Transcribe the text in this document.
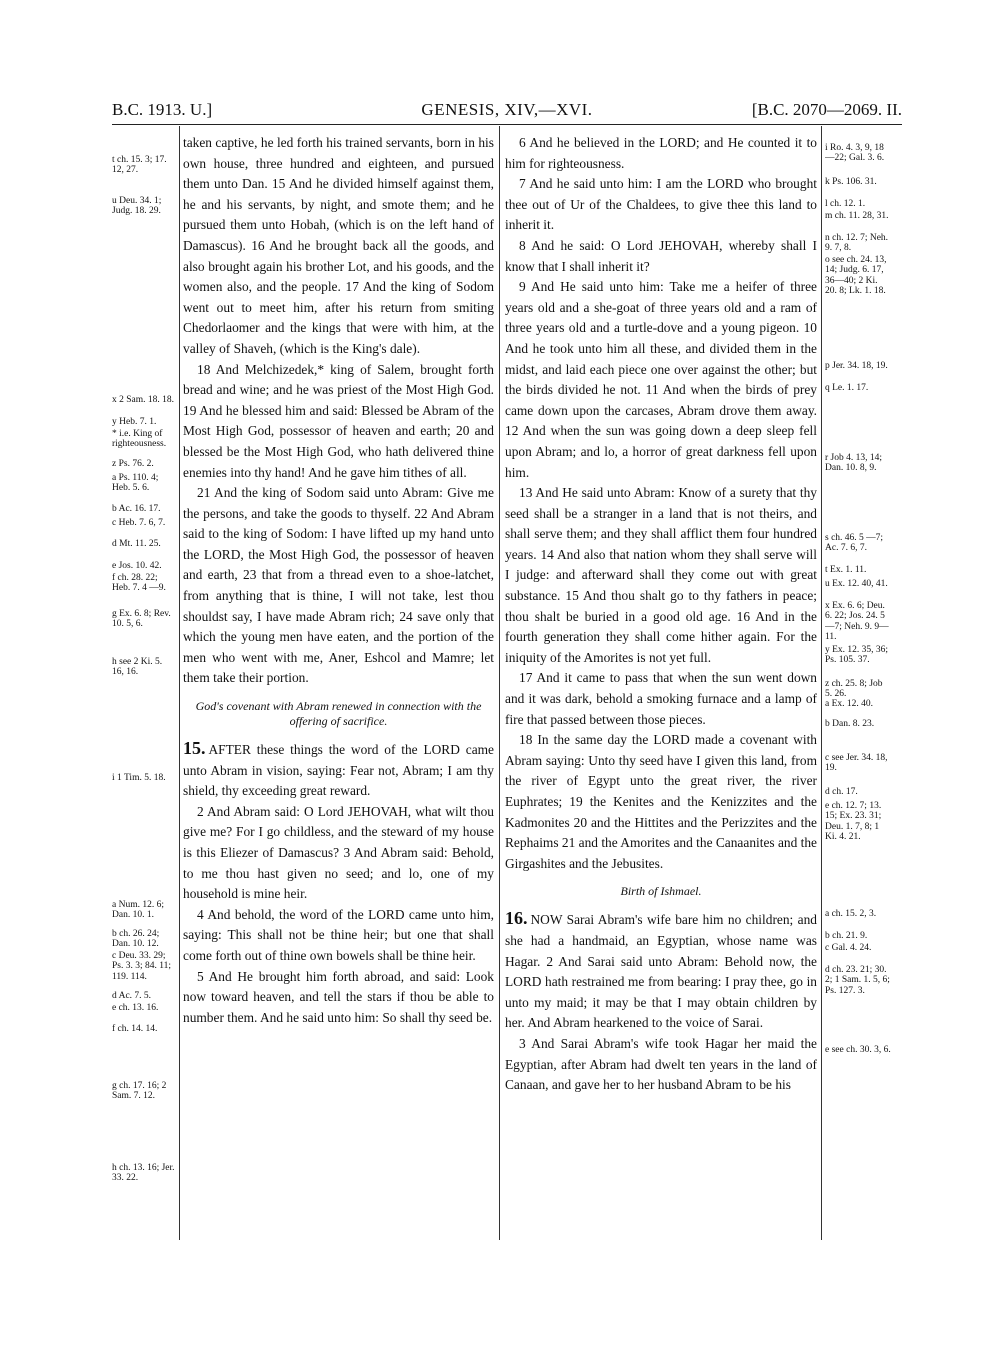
B.C. 1913. U.]	GENESIS, XIV,—XVI.	[B.C. 2070—2069. II.
t ch. 15. 3; 17. 12, 27.
u Deu. 34. 1; Judg. 18. 29.
x 2 Sam. 18. 18.
y Heb. 7. 1.
* i.e. King of righteousness.
z Ps. 76. 2.
a Ps. 110. 4; Heb. 5. 6.
b Ac. 16. 17.
c Heb. 7. 6, 7.
d Mt. 11. 25.
e Jos. 10. 42.
f ch. 28. 22; Heb. 7. 4 —9.
g Ex. 6. 8; Rev. 10. 5, 6.
h see 2 Ki. 5. 16, 16.
i 1 Tim. 5. 18.
a Num. 12. 6; Dan. 10. 1.
b ch. 26. 24; Dan. 10. 12.
c Deu. 33. 29; Ps. 3. 3; 84. 11; 119. 114.
d Ac. 7. 5.
e ch. 13. 16.
f ch. 14. 14.
g ch. 17. 16; 2 Sam. 7. 12.
h ch. 13. 16; Jer. 33. 22.

taken captive, he led forth his trained servants, born in his own house, three hundred and eighteen, and pursued them unto Dan. 15 And he divided himself against them, he and his servants, by night, and smote them; and he pursued them unto Hobah, (which is on the left hand of Damascus). 16 And he brought back all the goods, and also brought again his brother Lot, and his goods, and the women also, and the people. 17 And the king of Sodom went out to meet him, after his return from smiting Chedorlaomer and the kings that were with him, at the valley of Shaveh, (which is the King's dale).

18 And Melchizedek,* king of Salem, brought forth bread and wine; and he was priest of the Most High God. 19 And he blessed him and said: Blessed be Abram of the Most High God, possessor of heaven and earth; 20 and blessed be the Most High God, who hath delivered thine enemies into thy hand! And he gave him tithes of all.

21 And the king of Sodom said unto Abram: Give me the persons, and take the goods to thyself. 22 And Abram said to the king of Sodom: I have lifted up my hand unto the LORD, the Most High God, the possessor of heaven and earth, 23 that from a thread even to a shoe-latchet, from anything that is thine, I will not take, lest thou shouldst say, I have made Abram rich; 24 save only that which the young men have eaten, and the portion of the men who went with me, Aner, Eshcol and Mamre; let them take their portion.

God's covenant with Abram renewed in connection with the offering of sacrifice.

15. AFTER these things the word of the LORD came unto Abram in vision, saying: Fear not, Abram; I am thy shield, thy exceeding great reward.

2 And Abram said: O Lord JEHOVAH, what wilt thou give me? For I go childless, and the steward of my house is this Eliezer of Damascus? 3 And Abram said: Behold, to me thou hast given no seed; and lo, one of my household is mine heir.

4 And behold, the word of the LORD came unto him, saying: This shall not be thine heir; but one that shall come forth out of thine own bowels shall be thine heir.

5 And He brought him forth abroad, and said: Look now toward heaven, and tell the stars if thou be able to number them. And he said unto him: So shall thy seed be.

6 And he believed in the LORD; and He counted it to him for righteousness.

7 And he said unto him: I am the LORD who brought thee out of Ur of the Chaldees, to give thee this land to inherit it.

8 And he said: O Lord JEHOVAH, whereby shall I know that I shall inherit it?

9 And He said unto him: Take me a heifer of three years old and a she-goat of three years old and a ram of three years old and a turtle-dove and a young pigeon. 10 And he took unto him all these, and divided them in the midst, and laid each piece one over against the other; but the birds divided he not. 11 And when the birds of prey came down upon the carcases, Abram drove them away. 12 And when the sun was going down a deep sleep fell upon Abram; and lo, a horror of great darkness fell upon him.

13 And He said unto Abram: Know of a surety that thy seed shall be a stranger in a land that is not theirs, and shall serve them; and they shall afflict them four hundred years. 14 And also that nation whom they shall serve will I judge: and afterward shall they come out with great substance. 15 And thou shalt go to thy fathers in peace; thou shalt be buried in a good old age. 16 And in the fourth generation they shall come hither again. For the iniquity of the Amorites is not yet full.

17 And it came to pass that when the sun went down and it was dark, behold a smoking furnace and a lamp of fire that passed between those pieces.

18 In the same day the LORD made a covenant with Abram saying: Unto thy seed have I given this land, from the river of Egypt unto the great river, the river Euphrates; 19 the Kenites and the Kenizzites and the Kadmonites 20 and the Hittites and the Perizzites and the Rephaims 21 and the Amorites and the Canaanites and the Girgashites and the Jebusites.

Birth of Ishmael.

16. NOW Sarai Abram's wife bare him no children; and she had a handmaid, an Egyptian, whose name was Hagar. 2 And Sarai said unto Abram: Behold now, the LORD hath restrained me from bearing: I pray thee, go in unto my maid; it may be that I may obtain children by her. And Abram hearkened to the voice of Sarai.

3 And Sarai Abram's wife took Hagar her maid the Egyptian, after Abram had dwelt ten years in the land of Canaan, and gave her to her husband Abram to be his

i Ro. 4. 3, 9, 18—22; Gal. 3. 6.
k Ps. 106. 31.
l ch. 12. 1.
m ch. 11. 28, 31.
n ch. 12. 7; Neh. 9. 7, 8.
o see ch. 24. 13, 14; Judg. 6. 17, 36—40; 2 Ki. 20. 8; Lk. 1. 18.
p Jer. 34. 18, 19.
q Le. 1. 17.
r Job 4. 13, 14; Dan. 10. 8, 9.
s ch. 46. 5 —7; Ac. 7. 6, 7.
t Ex. 1. 11.
u Ex. 12. 40, 41.
x Ex. 6. 6; Deu. 6. 22; Jos. 24. 5 —7; Neh. 9. 9—11.
y Ex. 12. 35, 36; Ps. 105. 37.
z ch. 25. 8; Job 5. 26.
a Ex. 12. 40.
b Dan. 8. 23.
c see Jer. 34. 18, 19.
d ch. 17.
e ch. 12. 7; 13. 15; Ex. 23. 31; Deu. 1. 7, 8; 1 Ki. 4. 21.
a ch. 15. 2, 3.
b ch. 21. 9.
c Gal. 4. 24.
d ch. 23. 21; 30. 2; 1 Sam. 1. 5, 6; Ps. 127. 3.
e see ch. 30. 3, 6.
